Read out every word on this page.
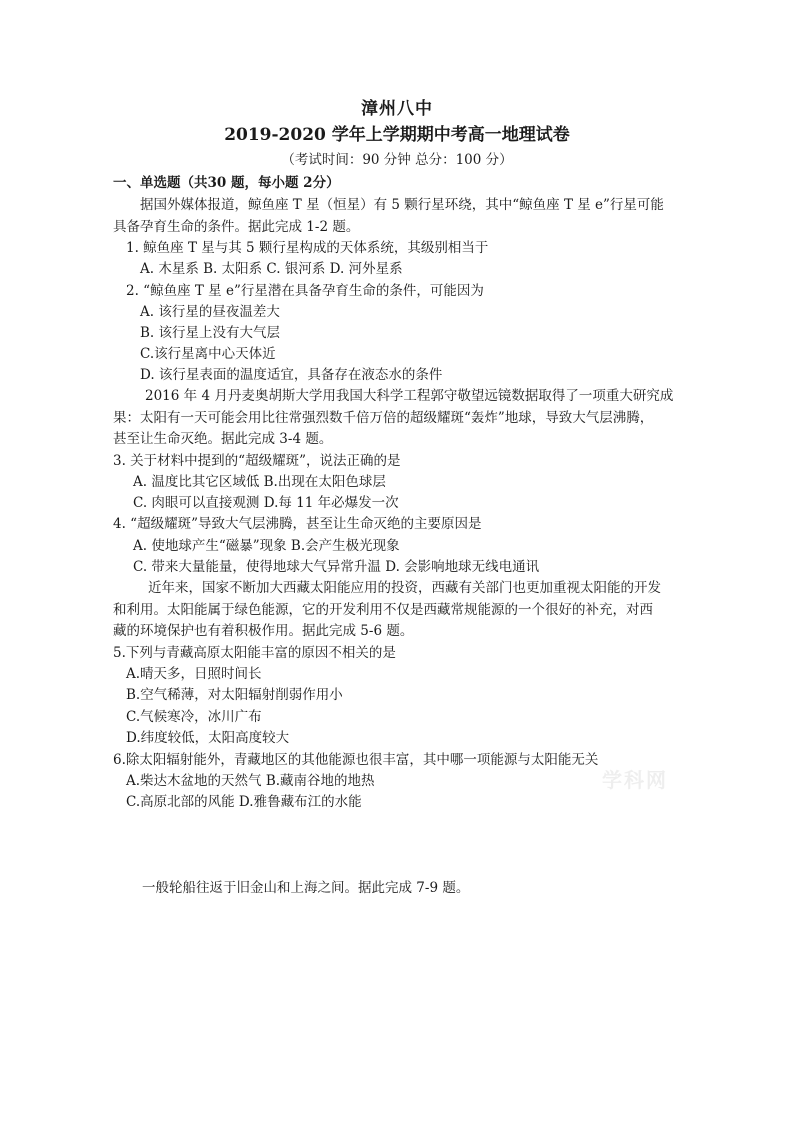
漳州八中
2019-2020 学年上学期期中考高一地理试卷
（考试时间：90 分钟 总分：100 分）
一、单选题（共30 题，每小题 2分）
据国外媒体报道，鲸鱼座 T 星（恒星）有 5 颗行星环绕，其中“鲸鱼座 T 星 e”行星可能
具备孕育生命的条件。据此完成 1-2 题。
1. 鲸鱼座 T 星与其 5 颗行星构成的天体系统，其级别相当于
A. 木星系 B. 太阳系 C. 银河系 D. 河外星系
2. “鲸鱼座 T 星 e”行星潜在具备孕育生命的条件，可能因为
A. 该行星的昼夜温差大
B. 该行星上没有大气层
C.该行星离中心天体近
D. 该行星表面的温度适宜，具备存在液态水的条件
2016 年 4 月丹麦奥胡斯大学用我国大科学工程郭守敬望远镜数据取得了一项重大研究成
果：太阳有一天可能会用比往常强烈数千倍万倍的超级耀斑“轰炸”地球，导致大气层沸腾，
甚至让生命灭绝。据此完成 3-4 题。
3. 关于材料中提到的“超级耀斑”，说法正确的是
A. 温度比其它区域低 B.出现在太阳色球层
C. 肉眼可以直接观测 D.每 11 年必爆发一次
4. “超级耀斑”导致大气层沸腾，甚至让生命灭绝的主要原因是
A. 使地球产生“磁暴”现象 B.会产生极光现象
C. 带来大量能量，使得地球大气异常升温 D. 会影响地球无线电通讯
近年来，国家不断加大西藏太阳能应用的投资，西藏有关部门也更加重视太阳能的开发
和利用。太阳能属于绿色能源，它的开发利用不仅是西藏常规能源的一个很好的补充，对西
藏的环境保护也有着积极作用。据此完成 5-6 题。
5.下列与青藏高原太阳能丰富的原因不相关的是
A.晴天多，日照时间长
B.空气稀薄，对太阳辐射削弱作用小
C.气候寒冷，冰川广布
D.纬度较低，太阳高度较大
6.除太阳辐射能外，青藏地区的其他能源也很丰富，其中哪一项能源与太阳能无关
A.柴达木盆地的天然气 B.藏南谷地的地热
C.高原北部的风能 D.雅鲁藏布江的水能
一般轮船往返于旧金山和上海之间。据此完成 7-9 题。
学科网
